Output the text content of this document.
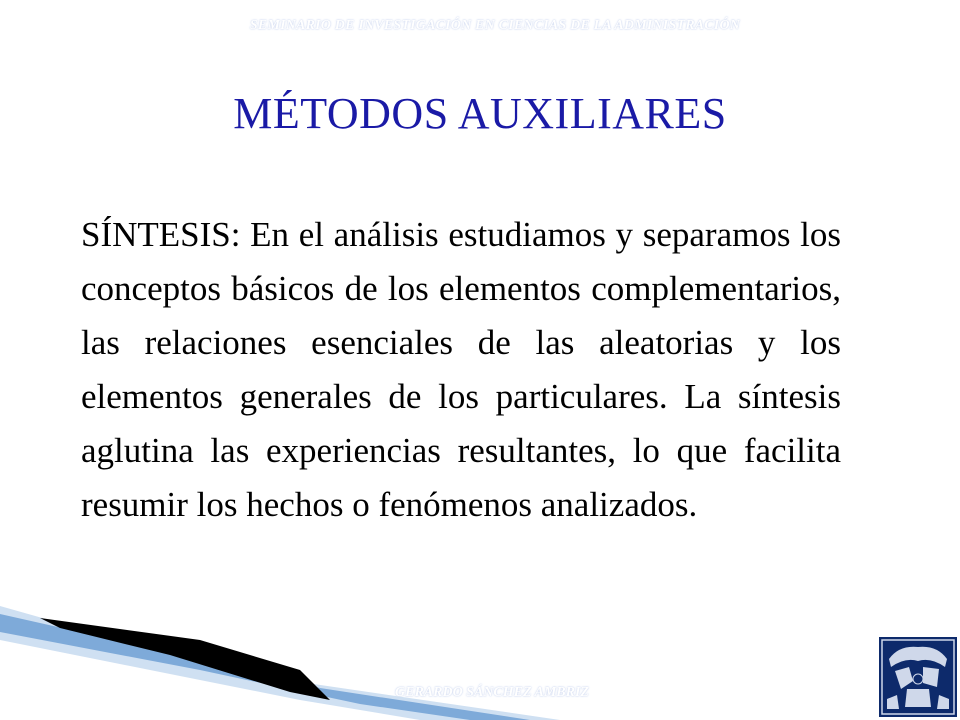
SEMINARIO DE INVESTIGACIÓN EN CIENCIAS DE LA ADMINISTRACIÓN
MÉTODOS AUXILIARES

SÍNTESIS: En el análisis estudiamos y separamos los conceptos básicos de los elementos complementarios, las relaciones esenciales de las aleatorias y los elementos generales de los particulares. La síntesis aglutina las experiencias resultantes, lo que facilita resumir los hechos o fenómenos analizados.

GERARDO SÁNCHEZ AMBRIZ
